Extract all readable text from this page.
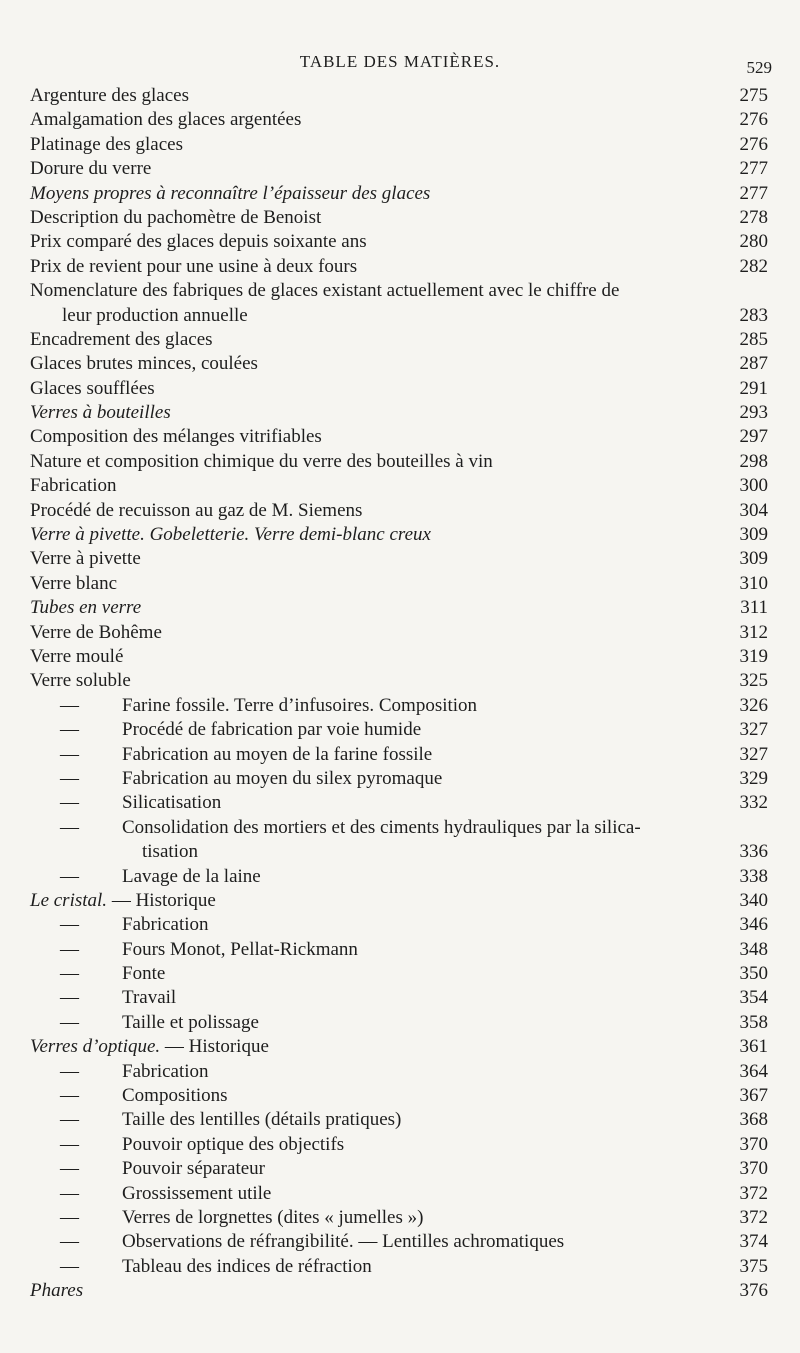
TABLE DES MATIÈRES.	529
Argenture des glaces	275
Amalgamation des glaces argentées	276
Platinage des glaces	276
Dorure du verre	277
Moyens propres à reconnaître l’épaisseur des glaces	277
Description du pachomètre de Benoist	278
Prix comparé des glaces depuis soixante ans	280
Prix de revient pour une usine à deux fours	282
Nomenclature des fabriques de glaces existant actuellement avec le chiffre de
leur production annuelle	283
Encadrement des glaces	285
Glaces brutes minces, coulées	287
Glaces soufflées	291
Verres à bouteilles	293
Composition des mélanges vitrifiables	297
Nature et composition chimique du verre des bouteilles à vin	298
Fabrication	300
Procédé de recuisson au gaz de M. Siemens	304
Verre à pivette. Gobeletterie. Verre demi-blanc creux	309
Verre à pivette	309
Verre blanc	310
Tubes en verre	311
Verre de Bohême	312
Verre moulé	319
Verre soluble	325
— Farine fossile. Terre d’infusoires. Composition	326
— Procédé de fabrication par voie humide	327
— Fabrication au moyen de la farine fossile	327
— Fabrication au moyen du silex pyromaque	329
— Silicatisation	332
— Consolidation des mortiers et des ciments hydrauliques par la silica-
tisation	336
— Lavage de la laine	338
Le cristal. — Historique	340
— Fabrication	346
— Fours Monot, Pellat-Rickmann	348
— Fonte	350
— Travail	354
— Taille et polissage	358
Verres d’optique. — Historique	361
— Fabrication	364
— Compositions	367
— Taille des lentilles (détails pratiques)	368
— Pouvoir optique des objectifs	370
— Pouvoir séparateur	370
— Grossissement utile	372
— Verres de lorgnettes (dites « jumelles »)	372
— Observations de réfrangibilité. — Lentilles achromatiques	374
— Tableau des indices de réfraction	375
Phares	376
